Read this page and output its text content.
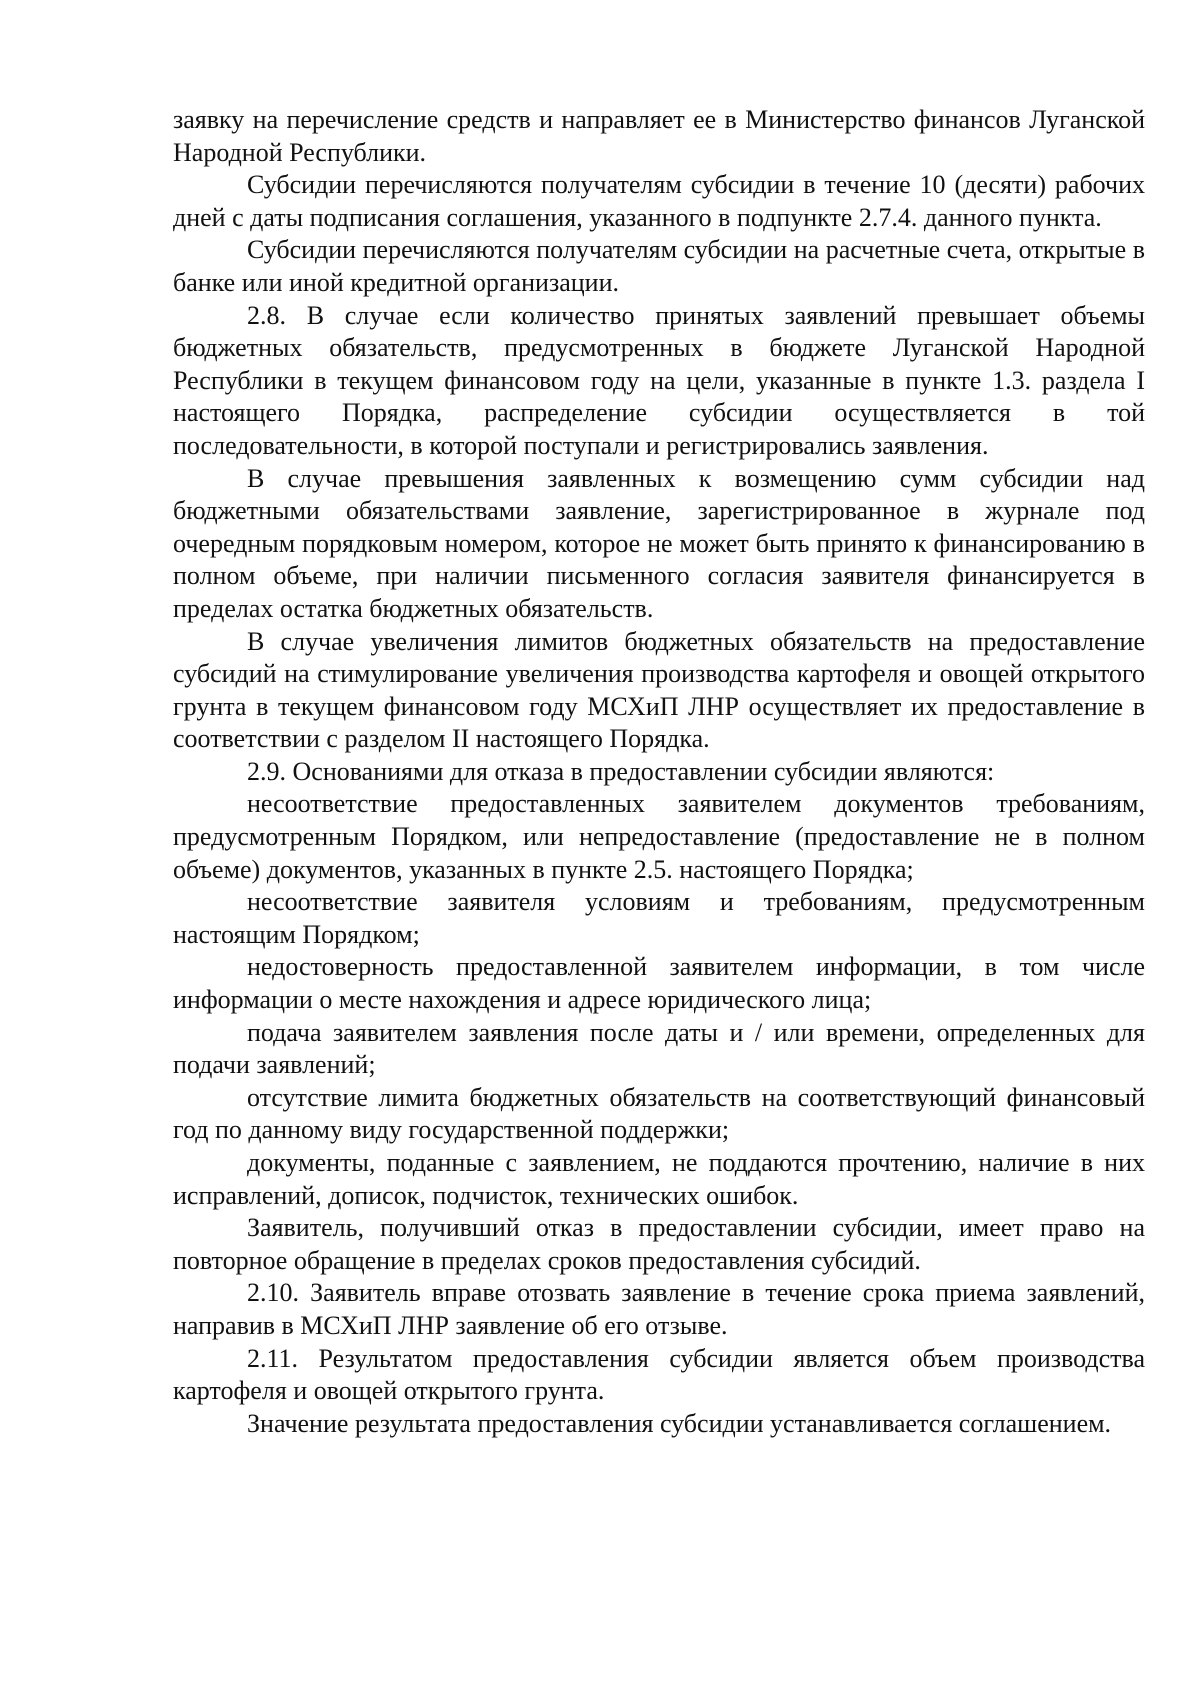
заявку на перечисление средств и направляет ее в Министерство финансов Луганской Народной Республики.

Субсидии перечисляются получателям субсидии в течение 10 (десяти) рабочих дней с даты подписания соглашения, указанного в подпункте 2.7.4. данного пункта.

Субсидии перечисляются получателям субсидии на расчетные счета, открытые в банке или иной кредитной организации.

2.8. В случае если количество принятых заявлений превышает объемы бюджетных обязательств, предусмотренных в бюджете Луганской Народной Республики в текущем финансовом году на цели, указанные в пункте 1.3. раздела I настоящего Порядка, распределение субсидии осуществляется в той последовательности, в которой поступали и регистрировались заявления.

В случае превышения заявленных к возмещению сумм субсидии над бюджетными обязательствами заявление, зарегистрированное в журнале под очередным порядковым номером, которое не может быть принято к финансированию в полном объеме, при наличии письменного согласия заявителя финансируется в пределах остатка бюджетных обязательств.

В случае увеличения лимитов бюджетных обязательств на предоставление субсидий на стимулирование увеличения производства картофеля и овощей открытого грунта в текущем финансовом году МСХиП ЛНР осуществляет их предоставление в соответствии с разделом II настоящего Порядка.

2.9. Основаниями для отказа в предоставлении субсидии являются:

несоответствие предоставленных заявителем документов требованиям, предусмотренным Порядком, или непредоставление (предоставление не в полном объеме) документов, указанных в пункте 2.5. настоящего Порядка;

несоответствие заявителя условиям и требованиям, предусмотренным настоящим Порядком;

недостоверность предоставленной заявителем информации, в том числе информации о месте нахождения и адресе юридического лица;

подача заявителем заявления после даты и / или времени, определенных для подачи заявлений;

отсутствие лимита бюджетных обязательств на соответствующий финансовый год по данному виду государственной поддержки;

документы, поданные с заявлением, не поддаются прочтению, наличие в них исправлений, дописок, подчисток, технических ошибок.

Заявитель, получивший отказ в предоставлении субсидии, имеет право на повторное обращение в пределах сроков предоставления субсидий.

2.10. Заявитель вправе отозвать заявление в течение срока приема заявлений, направив в МСХиП ЛНР заявление об его отзыве.

2.11. Результатом предоставления субсидии является объем производства картофеля и овощей открытого грунта.

Значение результата предоставления субсидии устанавливается соглашением.
